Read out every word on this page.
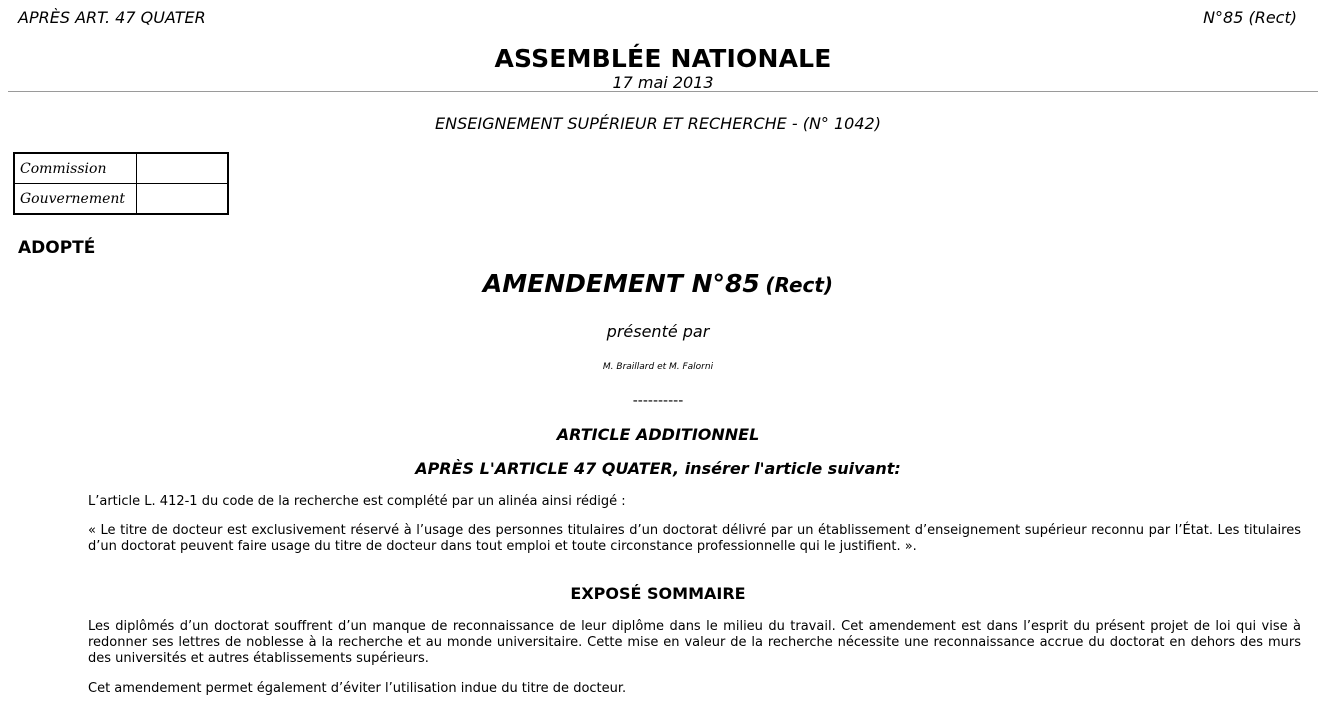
APRÈS ART. 47 QUATER	N°85 (Rect)
ASSEMBLÉE NATIONALE
17 mai 2013
ENSEIGNEMENT SUPÉRIEUR ET RECHERCHE - (N° 1042)
Commission	
Gouvernement	
ADOPTÉ
AMENDEMENT N°85 (Rect)
présenté par
M. Braillard et M. Falorni
----------
ARTICLE ADDITIONNEL
APRÈS L'ARTICLE 47 QUATER, insérer l'article suivant:
L’article L. 412-1 du code de la recherche est complété par un alinéa ainsi rédigé :
« Le titre de docteur est exclusivement réservé à l’usage des personnes titulaires d’un doctorat délivré par un établissement d’enseignement supérieur reconnu par l’État. Les titulaires d’un doctorat peuvent faire usage du titre de docteur dans tout emploi et toute circonstance professionnelle qui le justifient. ».
EXPOSÉ SOMMAIRE
Les diplômés d’un doctorat souffrent d’un manque de reconnaissance de leur diplôme dans le milieu du travail. Cet amendement est dans l’esprit du présent projet de loi qui vise à redonner ses lettres de noblesse à la recherche et au monde universitaire. Cette mise en valeur de la recherche nécessite une reconnaissance accrue du doctorat en dehors des murs des universités et autres établissements supérieurs.
Cet amendement permet également d’éviter l’utilisation indue du titre de docteur.
